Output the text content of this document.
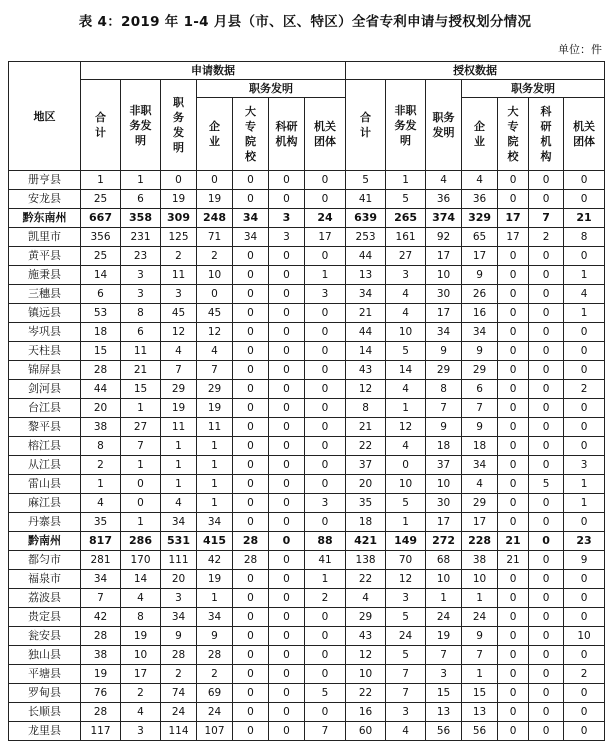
表 4：2019 年 1-4 月县（市、区、特区）全省专利申请与授权划分情况
单位：件
地区	申请数据							授权数据						
	合计	非职务发明	职务发明	职务发明				合计	非职务发明	职务发明	职务发明			
				企业	大专院校	科研机构	机关团体				企业	大专院校	科研机构	机关团体
册亨县	1	1	0	0	0	0	0	5	1	4	4	0	0	0
安龙县	25	6	19	19	0	0	0	41	5	36	36	0	0	0
黔东南州	667	358	309	248	34	3	24	639	265	374	329	17	7	21
凯里市	356	231	125	71	34	3	17	253	161	92	65	17	2	8
黄平县	25	23	2	2	0	0	0	44	27	17	17	0	0	0
施秉县	14	3	11	10	0	0	1	13	3	10	9	0	0	1
三穗县	6	3	3	0	0	0	3	34	4	30	26	0	0	4
镇远县	53	8	45	45	0	0	0	21	4	17	16	0	0	1
岑巩县	18	6	12	12	0	0	0	44	10	34	34	0	0	0
天柱县	15	11	4	4	0	0	0	14	5	9	9	0	0	0
锦屏县	28	21	7	7	0	0	0	43	14	29	29	0	0	0
剑河县	44	15	29	29	0	0	0	12	4	8	6	0	0	2
台江县	20	1	19	19	0	0	0	8	1	7	7	0	0	0
黎平县	38	27	11	11	0	0	0	21	12	9	9	0	0	0
榕江县	8	7	1	1	0	0	0	22	4	18	18	0	0	0
从江县	2	1	1	1	0	0	0	37	0	37	34	0	0	3
雷山县	1	0	1	1	0	0	0	20	10	10	4	0	5	1
麻江县	4	0	4	1	0	0	3	35	5	30	29	0	0	1
丹寨县	35	1	34	34	0	0	0	18	1	17	17	0	0	0
黔南州	817	286	531	415	28	0	88	421	149	272	228	21	0	23
都匀市	281	170	111	42	28	0	41	138	70	68	38	21	0	9
福泉市	34	14	20	19	0	0	1	22	12	10	10	0	0	0
荔波县	7	4	3	1	0	0	2	4	3	1	1	0	0	0
贵定县	42	8	34	34	0	0	0	29	5	24	24	0	0	0
瓮安县	28	19	9	9	0	0	0	43	24	19	9	0	0	10
独山县	38	10	28	28	0	0	0	12	5	7	7	0	0	0
平塘县	19	17	2	2	0	0	0	10	7	3	1	0	0	2
罗甸县	76	2	74	69	0	0	5	22	7	15	15	0	0	0
长顺县	28	4	24	24	0	0	0	16	3	13	13	0	0	0
龙里县	117	3	114	107	0	0	7	60	4	56	56	0	0	0
